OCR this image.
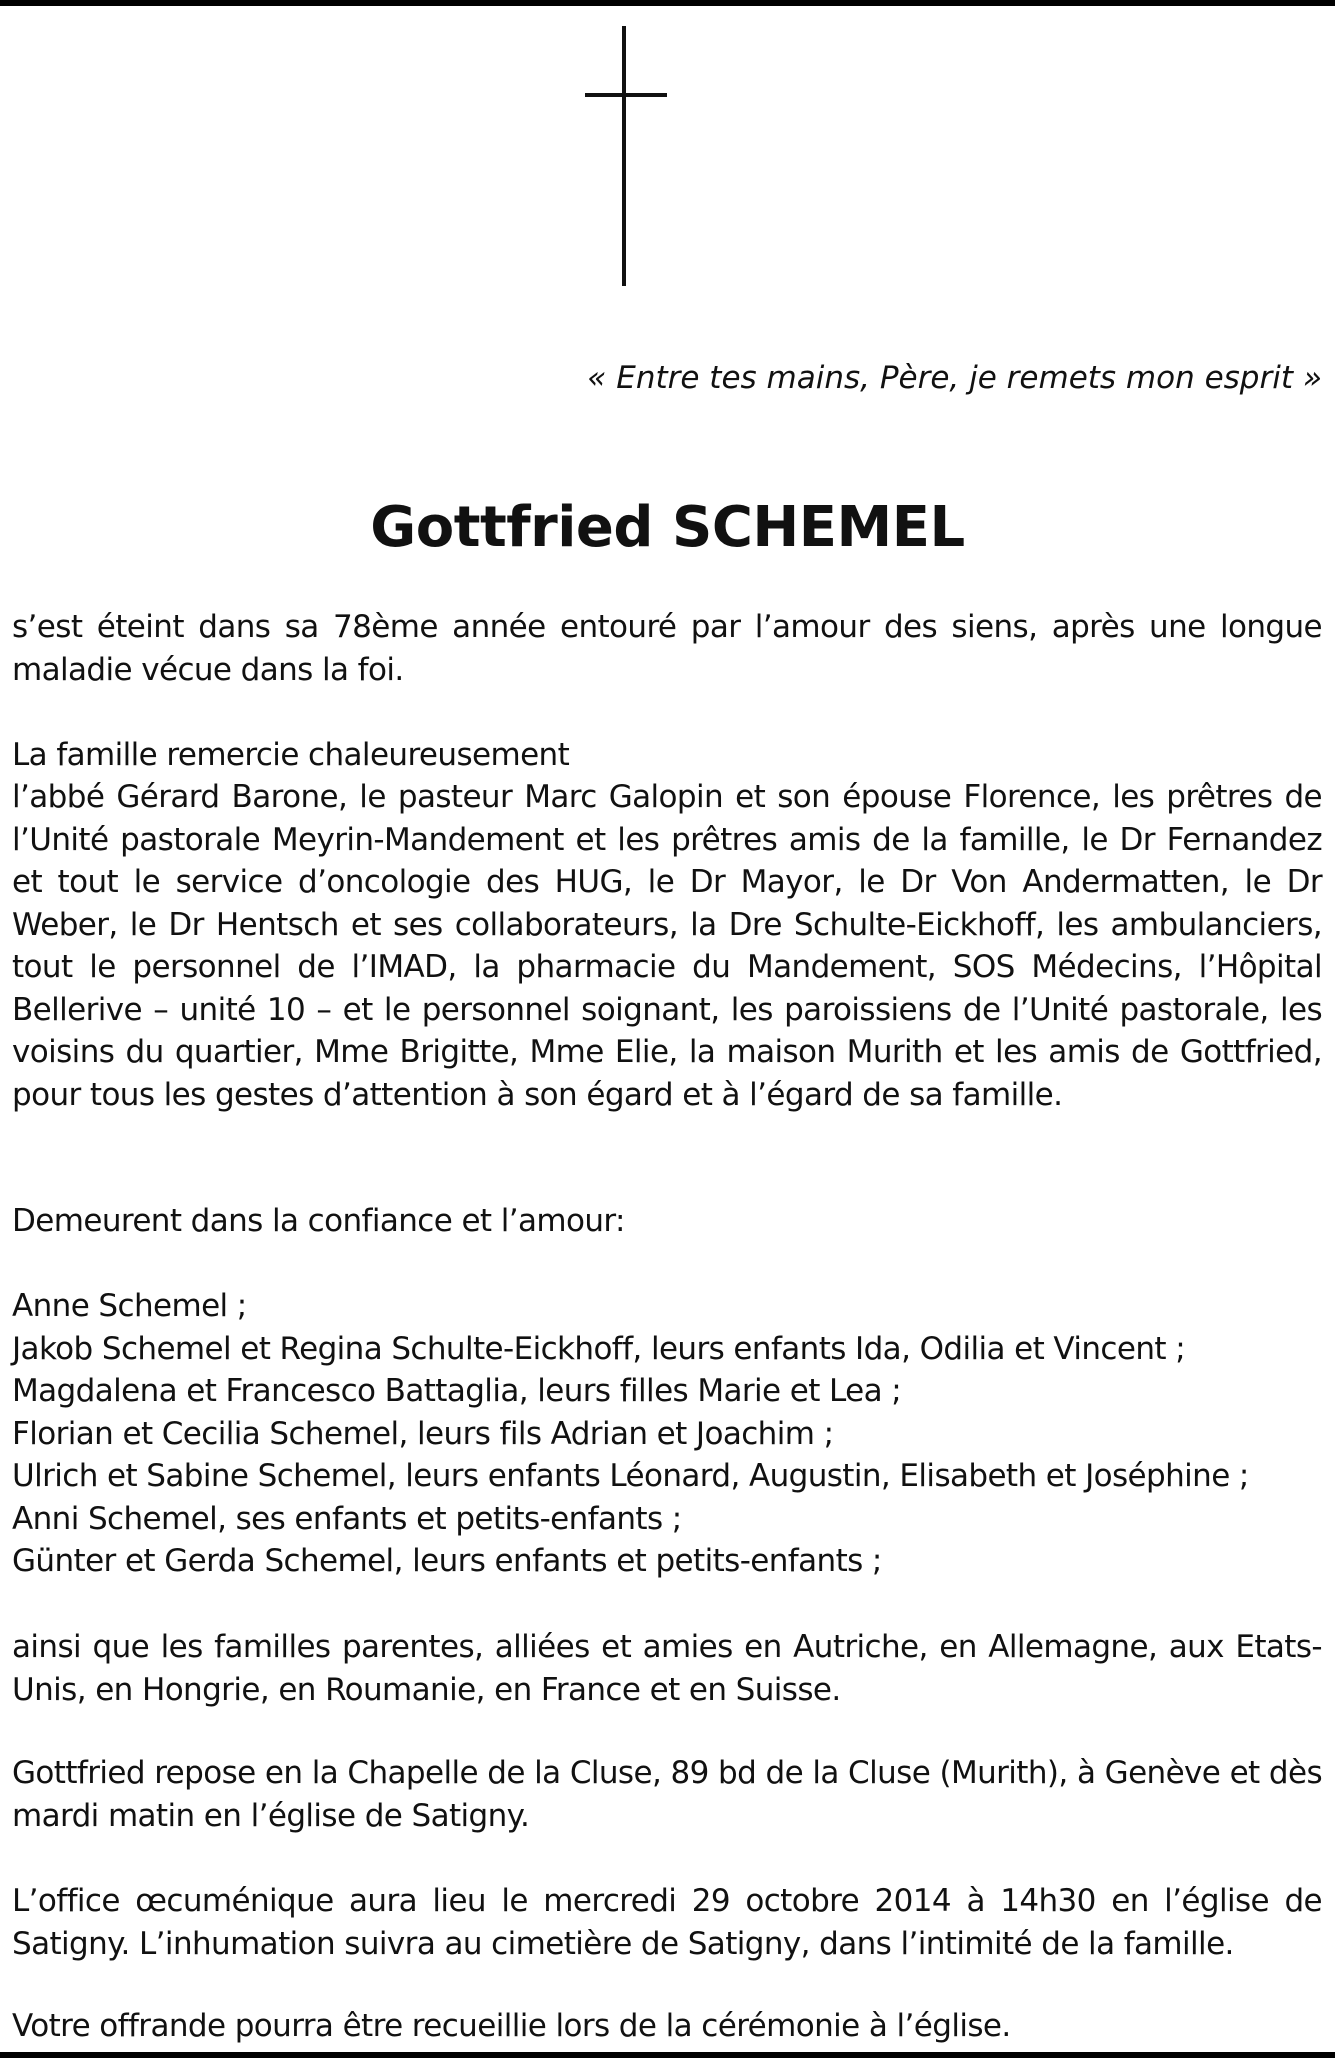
« Entre tes mains, Père, je remets mon esprit »
Gottfried SCHEMEL

s’est éteint dans sa 78ème année entouré par l’amour des siens, après une longue maladie vécue dans la foi.

La famille remercie chaleureusement

l’abbé Gérard Barone, le pasteur Marc Galopin et son épouse Florence, les prêtres de l’Unité pastorale Meyrin-Mandement et les prêtres amis de la famille, le Dr Fernandez et tout le service d’oncologie des HUG, le Dr Mayor, le Dr Von Andermatten, le Dr Weber, le Dr Hentsch et ses collaborateurs, la Dre Schulte-Eickhoff, les ambulanciers, tout le personnel de l’IMAD, la pharmacie du Mandement, SOS Médecins, l’Hôpital Bellerive – unité 10 – et le personnel soignant, les paroissiens de l’Unité pastorale, les voisins du quartier, Mme Brigitte, Mme Elie, la maison Murith et les amis de Gottfried, pour tous les gestes d’attention à son égard et à l’égard de sa famille.

Demeurent dans la confiance et l’amour:

Anne Schemel ;
Jakob Schemel et Regina Schulte-Eickhoff, leurs enfants Ida, Odilia et Vincent ;
Magdalena et Francesco Battaglia, leurs filles Marie et Lea ;
Florian et Cecilia Schemel, leurs fils Adrian et Joachim ;
Ulrich et Sabine Schemel, leurs enfants Léonard, Augustin, Elisabeth et Joséphine ;
Anni Schemel, ses enfants et petits-enfants ;
Günter et Gerda Schemel, leurs enfants et petits-enfants ;

ainsi que les familles parentes, alliées et amies en Autriche, en Allemagne, aux Etats-Unis, en Hongrie, en Roumanie, en France et en Suisse.

Gottfried repose en la Chapelle de la Cluse, 89 bd de la Cluse (Murith), à Genève et dès mardi matin en l’église de Satigny.

L’office œcuménique aura lieu le mercredi 29 octobre 2014 à 14h30 en l’église de Satigny. L’inhumation suivra au cimetière de Satigny, dans l’intimité de la famille.

Votre offrande pourra être recueillie lors de la cérémonie à l’église.
